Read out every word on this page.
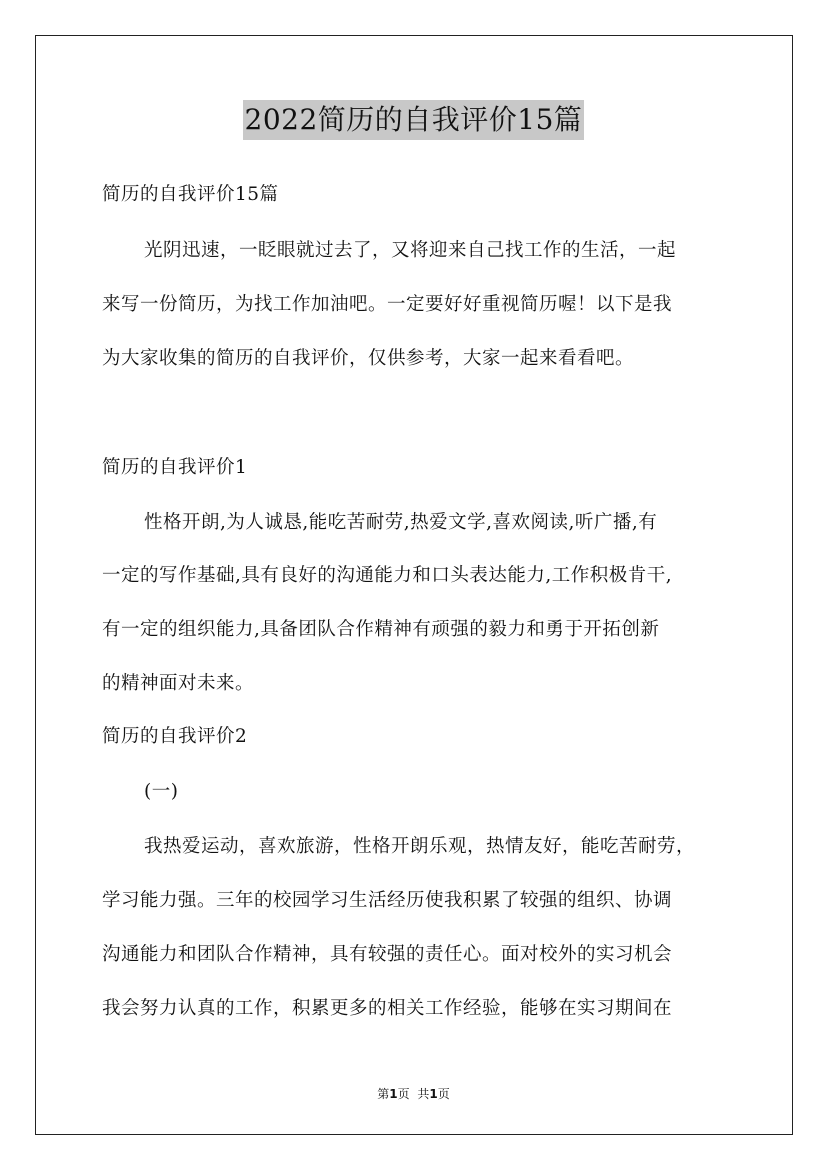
2022简历的自我评价15篇
简历的自我评价15篇
光阴迅速，一眨眼就过去了，又将迎来自己找工作的生活，一起
来写一份简历，为找工作加油吧。一定要好好重视简历喔！以下是我
为大家收集的简历的自我评价，仅供参考，大家一起来看看吧。
简历的自我评价1
性格开朗,为人诚恳,能吃苦耐劳,热爱文学,喜欢阅读,听广播,有
一定的写作基础,具有良好的沟通能力和口头表达能力,工作积极肯干,
有一定的组织能力,具备团队合作精神有顽强的毅力和勇于开拓创新
的精神面对未来。
简历的自我评价2
(一)
我热爱运动，喜欢旅游，性格开朗乐观，热情友好，能吃苦耐劳，
学习能力强。三年的校园学习生活经历使我积累了较强的组织、协调
沟通能力和团队合作精神，具有较强的责任心。面对校外的实习机会
我会努力认真的工作，积累更多的相关工作经验，能够在实习期间在
第1页 共1页
